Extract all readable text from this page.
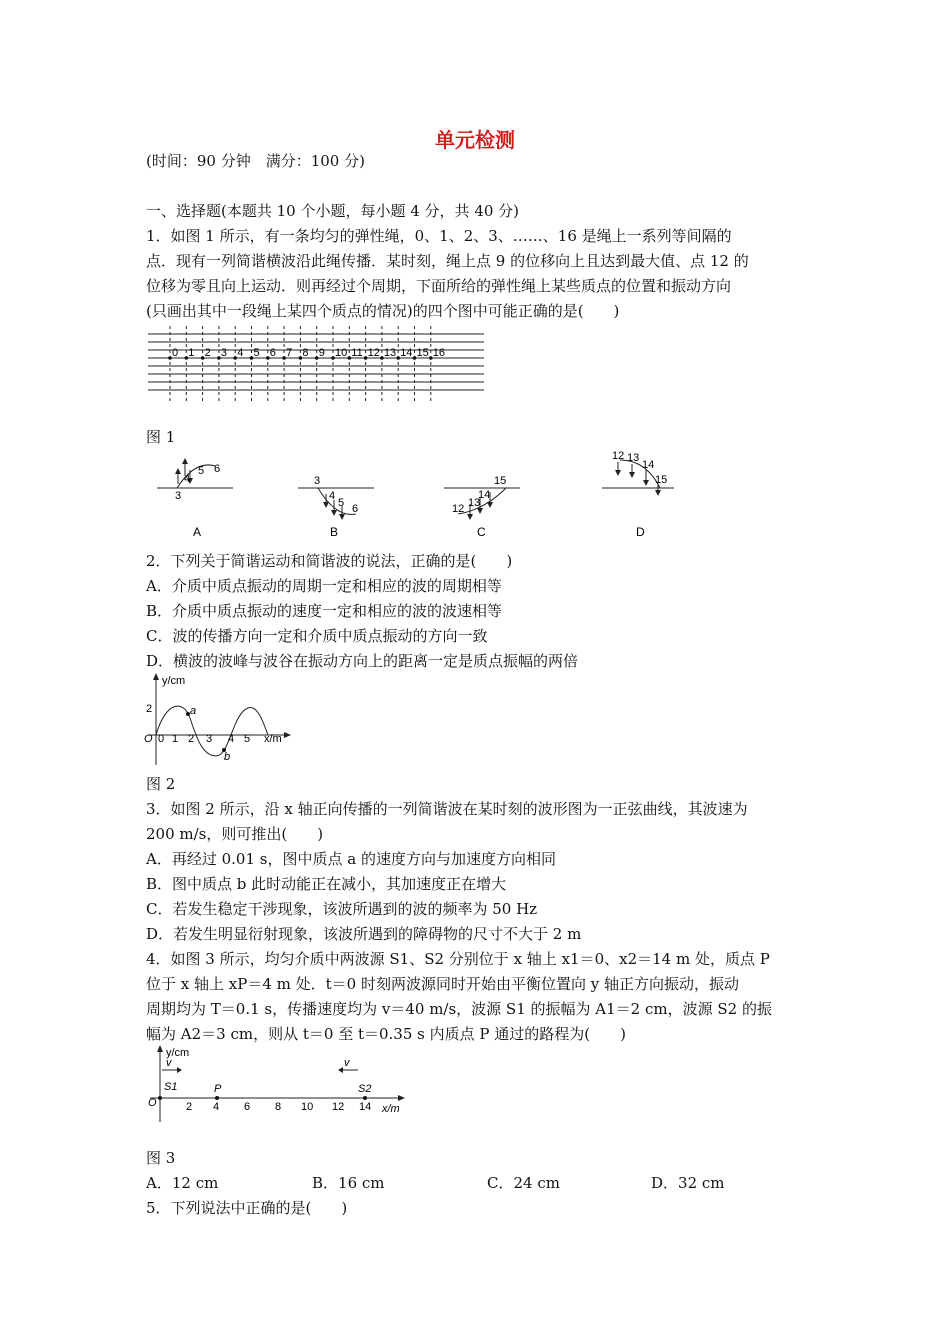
单元检测
(时间：90 分钟　满分：100 分)
一、选择题(本题共 10 个小题，每小题 4 分，共 40 分)
1．如图 1 所示，有一条均匀的弹性绳，0、1、2、3、……、16 是绳上一系列等间隔的
点．现有一列简谐横波沿此绳传播．某时刻，绳上点 9 的位移向上且达到最大值、点 12 的
位移为零且向上运动．则再经过个周期，下面所给的弹性绳上某些质点的位置和振动方向
(只画出其中一段绳上某四个质点的情况)的四个图中可能正确的是(　　)
0 1 2 3 4 5 6 7 8 9 10 11 12 13 14 15 16
图 1
3
4
5 6
A
3
4
5 6
B
12 13
14
15
C
12 13
14
15
D
2．下列关于简谐运动和简谐波的说法，正确的是(　　)
A．介质中质点振动的周期一定和相应的波的周期相等
B．介质中质点振动的速度一定和相应的波的波速相等
C．波的传播方向一定和介质中质点振动的方向一致
D．横波的波峰与波谷在振动方向上的距离一定是质点振幅的两倍
y/cm
x/m
O
2
0 1 2 3 4 5
a
b
图 2
3．如图 2 所示，沿 x 轴正向传播的一列简谐波在某时刻的波形图为一正弦曲线，其波速为
200 m/s，则可推出(　　)
A．再经过 0.01 s，图中质点 a 的速度方向与加速度方向相同
B．图中质点 b 此时动能正在减小，其加速度正在增大
C．若发生稳定干涉现象，该波所遇到的波的频率为 50 Hz
D．若发生明显衍射现象，该波所遇到的障碍物的尺寸不大于 2 m
4．如图 3 所示，均匀介质中两波源 S1、S2 分别位于 x 轴上 x1＝0、x2＝14 m 处，质点 P
位于 x 轴上 xP＝4 m 处．t＝0 时刻两波源同时开始由平衡位置向 y 轴正方向振动，振动
周期均为 T＝0.1 s，传播速度均为 v＝40 m/s，波源 S1 的振幅为 A1＝2 cm，波源 S2 的振
幅为 A2＝3 cm，则从 t＝0 至 t＝0.35 s 内质点 P 通过的路程为(　　)
y/cm
x/m
O
v	v
S1	P	S2
2 4 6 8 10 12 14
图 3
A．12 cm	B．16 cm	C．24 cm	D．32 cm
5．下列说法中正确的是(　　)
